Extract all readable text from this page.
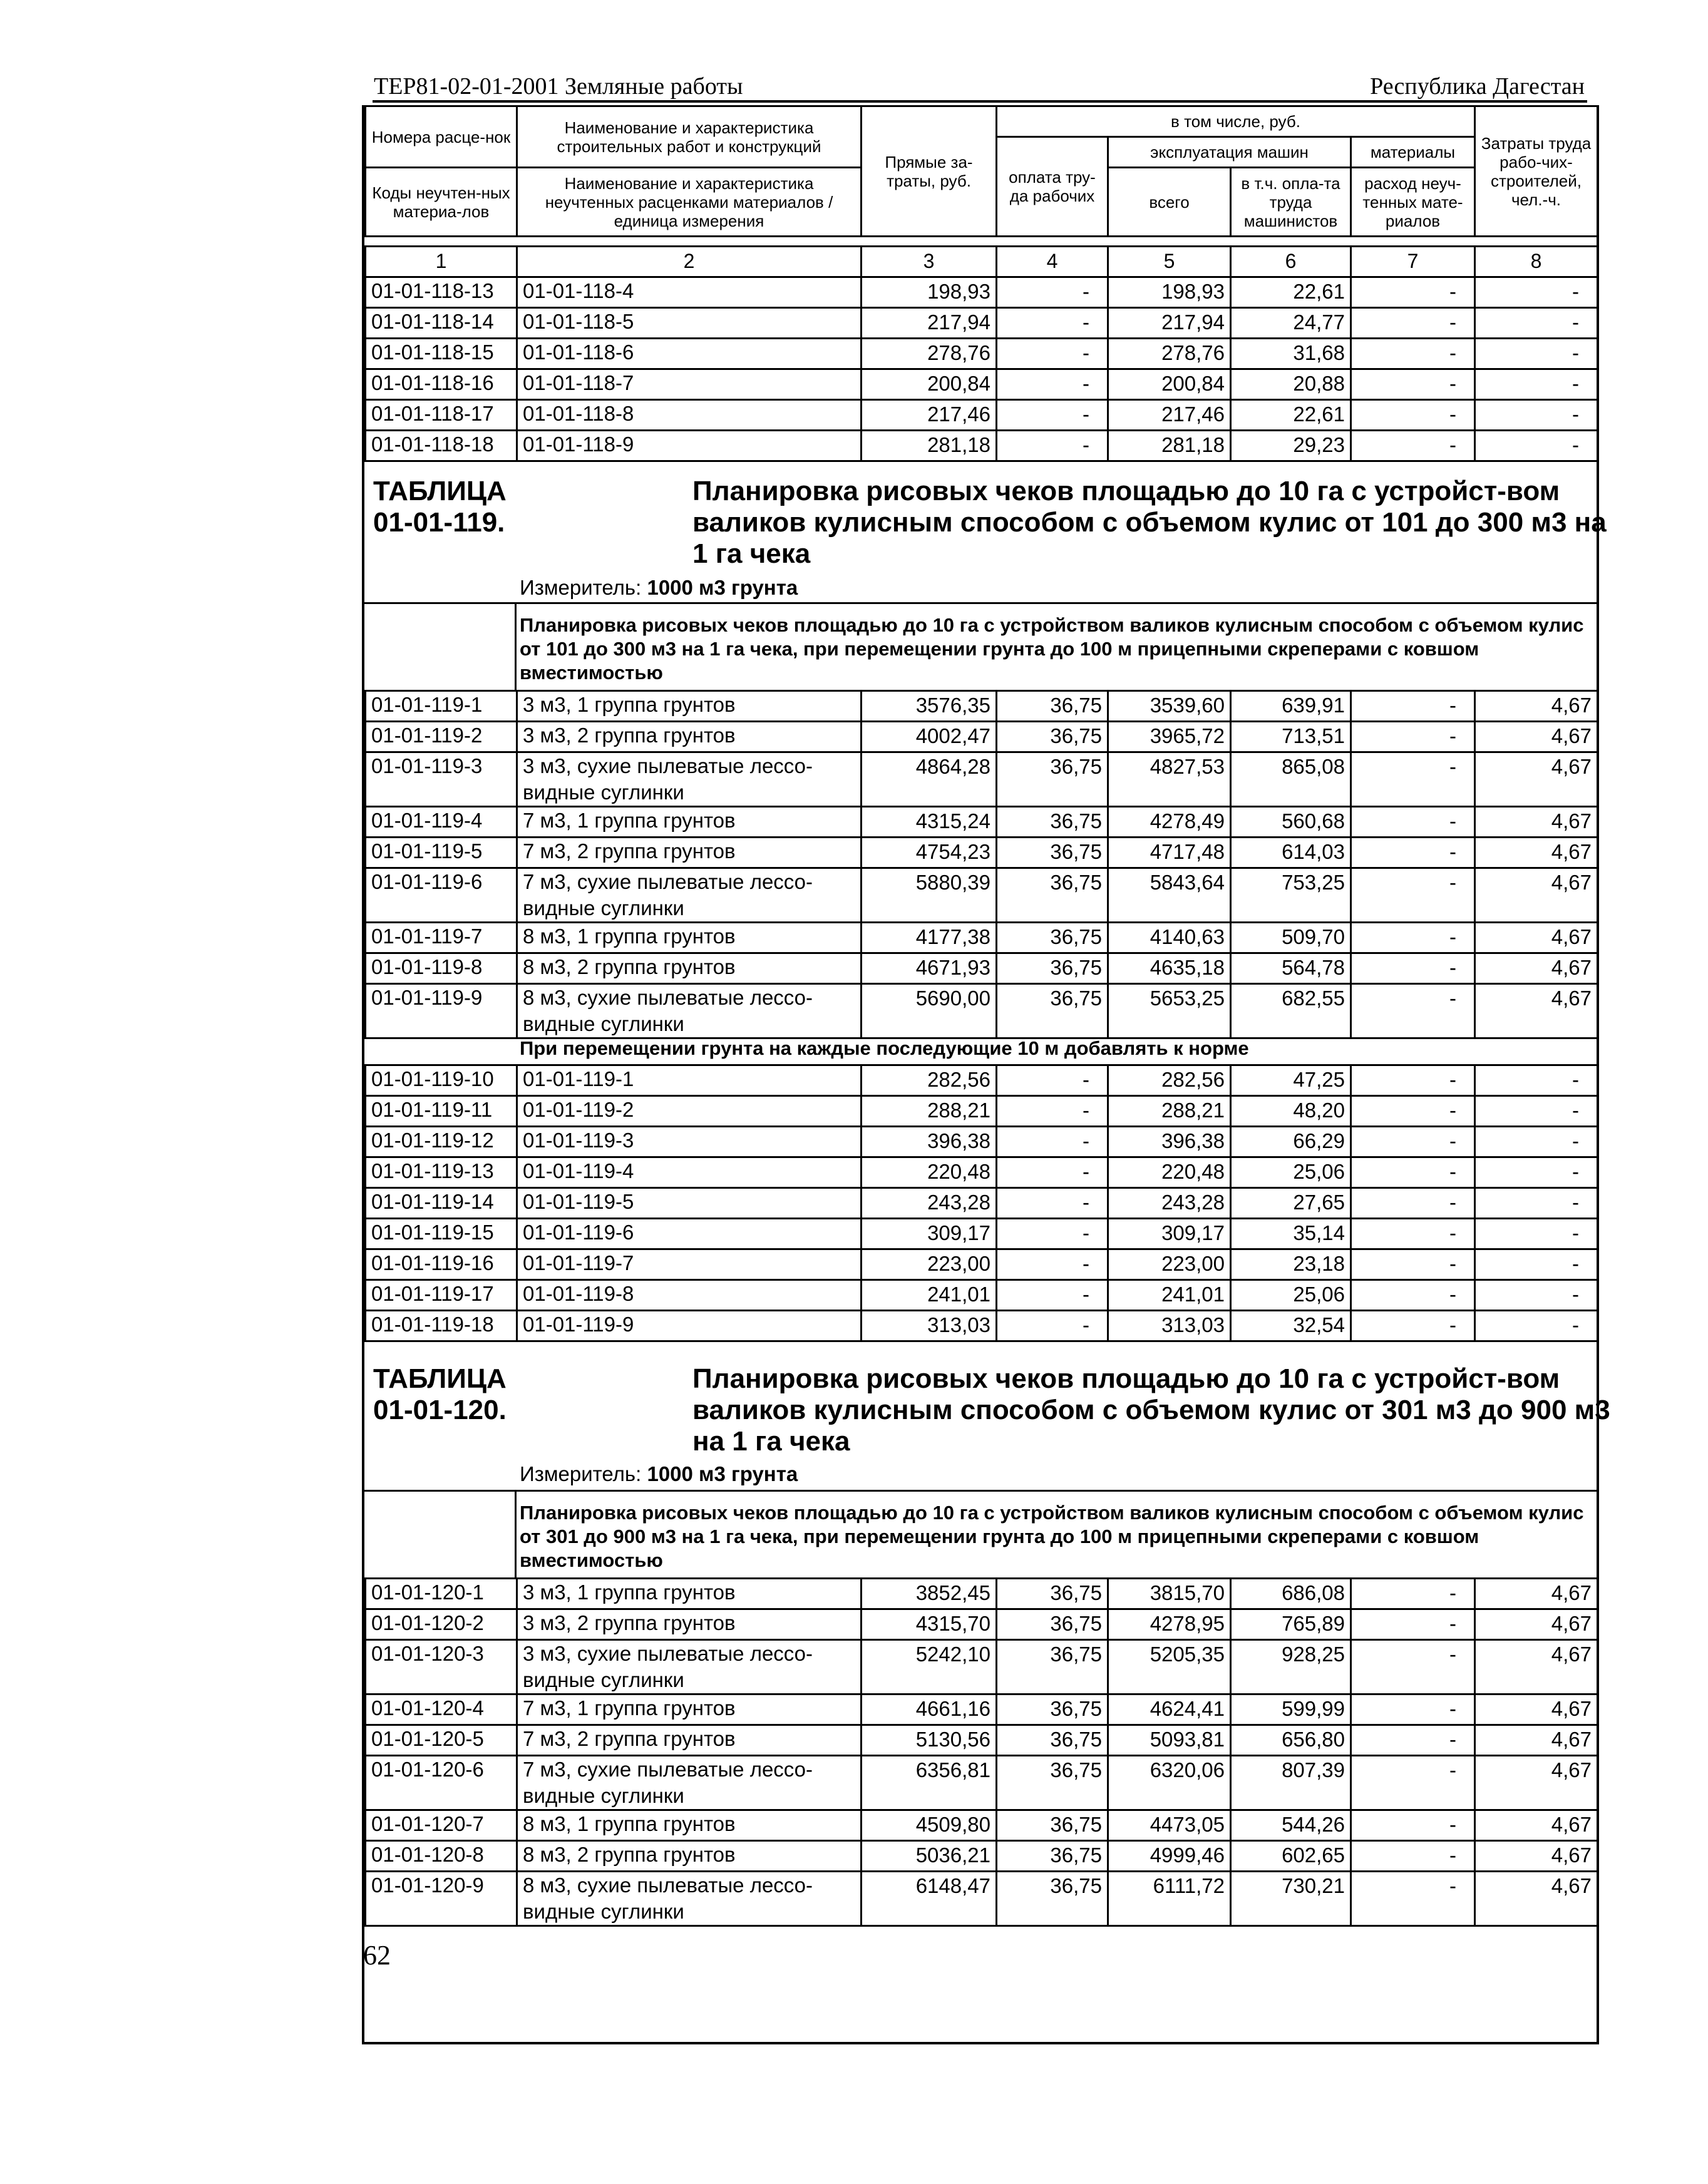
ТЕР81-02-01-2001 Земляные работы	Республика Дагестан
Номера расце-нок	Наименование и характеристика строительных работ и конструкций	Прямые за-траты, руб.	в том числе, руб.				Затраты труда рабо-чих-строителей, чел.-ч.
			оплата тру-да рабочих	эксплуатация машин		материалы	
Коды неучтен-ных материа-лов	Наименование и характеристика неучтенных расценками материалов / единица измерения			всего	в т.ч. опла-та труда машинистов	расход неуч-тенных мате-риалов	

1	2	3	4	5	6	7	8
01-01-118-13	01-01-118-4	198,93	-	198,93	22,61	-	-
01-01-118-14	01-01-118-5	217,94	-	217,94	24,77	-	-
01-01-118-15	01-01-118-6	278,76	-	278,76	31,68	-	-
01-01-118-16	01-01-118-7	200,84	-	200,84	20,88	-	-
01-01-118-17	01-01-118-8	217,46	-	217,46	22,61	-	-
01-01-118-18	01-01-118-9	281,18	-	281,18	29,23	-	-
ТАБЛИЦА 01-01-119.
Планировка рисовых чеков площадью до 10 га с устройст-вом валиков кулисным способом с объемом кулис от 101 до 300 м3 на 1 га чека
Измеритель: 1000 м3 грунта
Планировка рисовых чеков площадью до 10 га с устройством валиков кулисным способом с объемом кулис от 101 до 300 м3 на 1 га чека, при перемещении грунта до 100 м прицепными скреперами с ковшом вместимостью
01-01-119-1	3 м3, 1 группа грунтов	3576,35	36,75	3539,60	639,91	-	4,67
01-01-119-2	3 м3, 2 группа грунтов	4002,47	36,75	3965,72	713,51	-	4,67
01-01-119-3	3 м3, сухие пылеватые лессо-видные суглинки	4864,28	36,75	4827,53	865,08	-	4,67
01-01-119-4	7 м3, 1 группа грунтов	4315,24	36,75	4278,49	560,68	-	4,67
01-01-119-5	7 м3, 2 группа грунтов	4754,23	36,75	4717,48	614,03	-	4,67
01-01-119-6	7 м3, сухие пылеватые лессо-видные суглинки	5880,39	36,75	5843,64	753,25	-	4,67
01-01-119-7	8 м3, 1 группа грунтов	4177,38	36,75	4140,63	509,70	-	4,67
01-01-119-8	8 м3, 2 группа грунтов	4671,93	36,75	4635,18	564,78	-	4,67
01-01-119-9	8 м3, сухие пылеватые лессо-видные суглинки	5690,00	36,75	5653,25	682,55	-	4,67
При перемещении грунта на каждые последующие 10 м добавлять к норме
01-01-119-10	01-01-119-1	282,56	-	282,56	47,25	-	-
01-01-119-11	01-01-119-2	288,21	-	288,21	48,20	-	-
01-01-119-12	01-01-119-3	396,38	-	396,38	66,29	-	-
01-01-119-13	01-01-119-4	220,48	-	220,48	25,06	-	-
01-01-119-14	01-01-119-5	243,28	-	243,28	27,65	-	-
01-01-119-15	01-01-119-6	309,17	-	309,17	35,14	-	-
01-01-119-16	01-01-119-7	223,00	-	223,00	23,18	-	-
01-01-119-17	01-01-119-8	241,01	-	241,01	25,06	-	-
01-01-119-18	01-01-119-9	313,03	-	313,03	32,54	-	-
ТАБЛИЦА 01-01-120.
Планировка рисовых чеков площадью до 10 га с устройст-вом валиков кулисным способом с объемом кулис от 301 м3 до 900 м3 на 1 га чека
Измеритель: 1000 м3 грунта
Планировка рисовых чеков площадью до 10 га с устройством валиков кулисным способом с объемом кулис от 301 до 900 м3 на 1 га чека, при перемещении грунта до 100 м прицепными скреперами с ковшом вместимостью
01-01-120-1	3 м3, 1 группа грунтов	3852,45	36,75	3815,70	686,08	-	4,67
01-01-120-2	3 м3, 2 группа грунтов	4315,70	36,75	4278,95	765,89	-	4,67
01-01-120-3	3 м3, сухие пылеватые лессо-видные суглинки	5242,10	36,75	5205,35	928,25	-	4,67
01-01-120-4	7 м3, 1 группа грунтов	4661,16	36,75	4624,41	599,99	-	4,67
01-01-120-5	7 м3, 2 группа грунтов	5130,56	36,75	5093,81	656,80	-	4,67
01-01-120-6	7 м3, сухие пылеватые лессо-видные суглинки	6356,81	36,75	6320,06	807,39	-	4,67
01-01-120-7	8 м3, 1 группа грунтов	4509,80	36,75	4473,05	544,26	-	4,67
01-01-120-8	8 м3, 2 группа грунтов	5036,21	36,75	4999,46	602,65	-	4,67
01-01-120-9	8 м3, сухие пылеватые лессо-видные суглинки	6148,47	36,75	6111,72	730,21	-	4,67
62
